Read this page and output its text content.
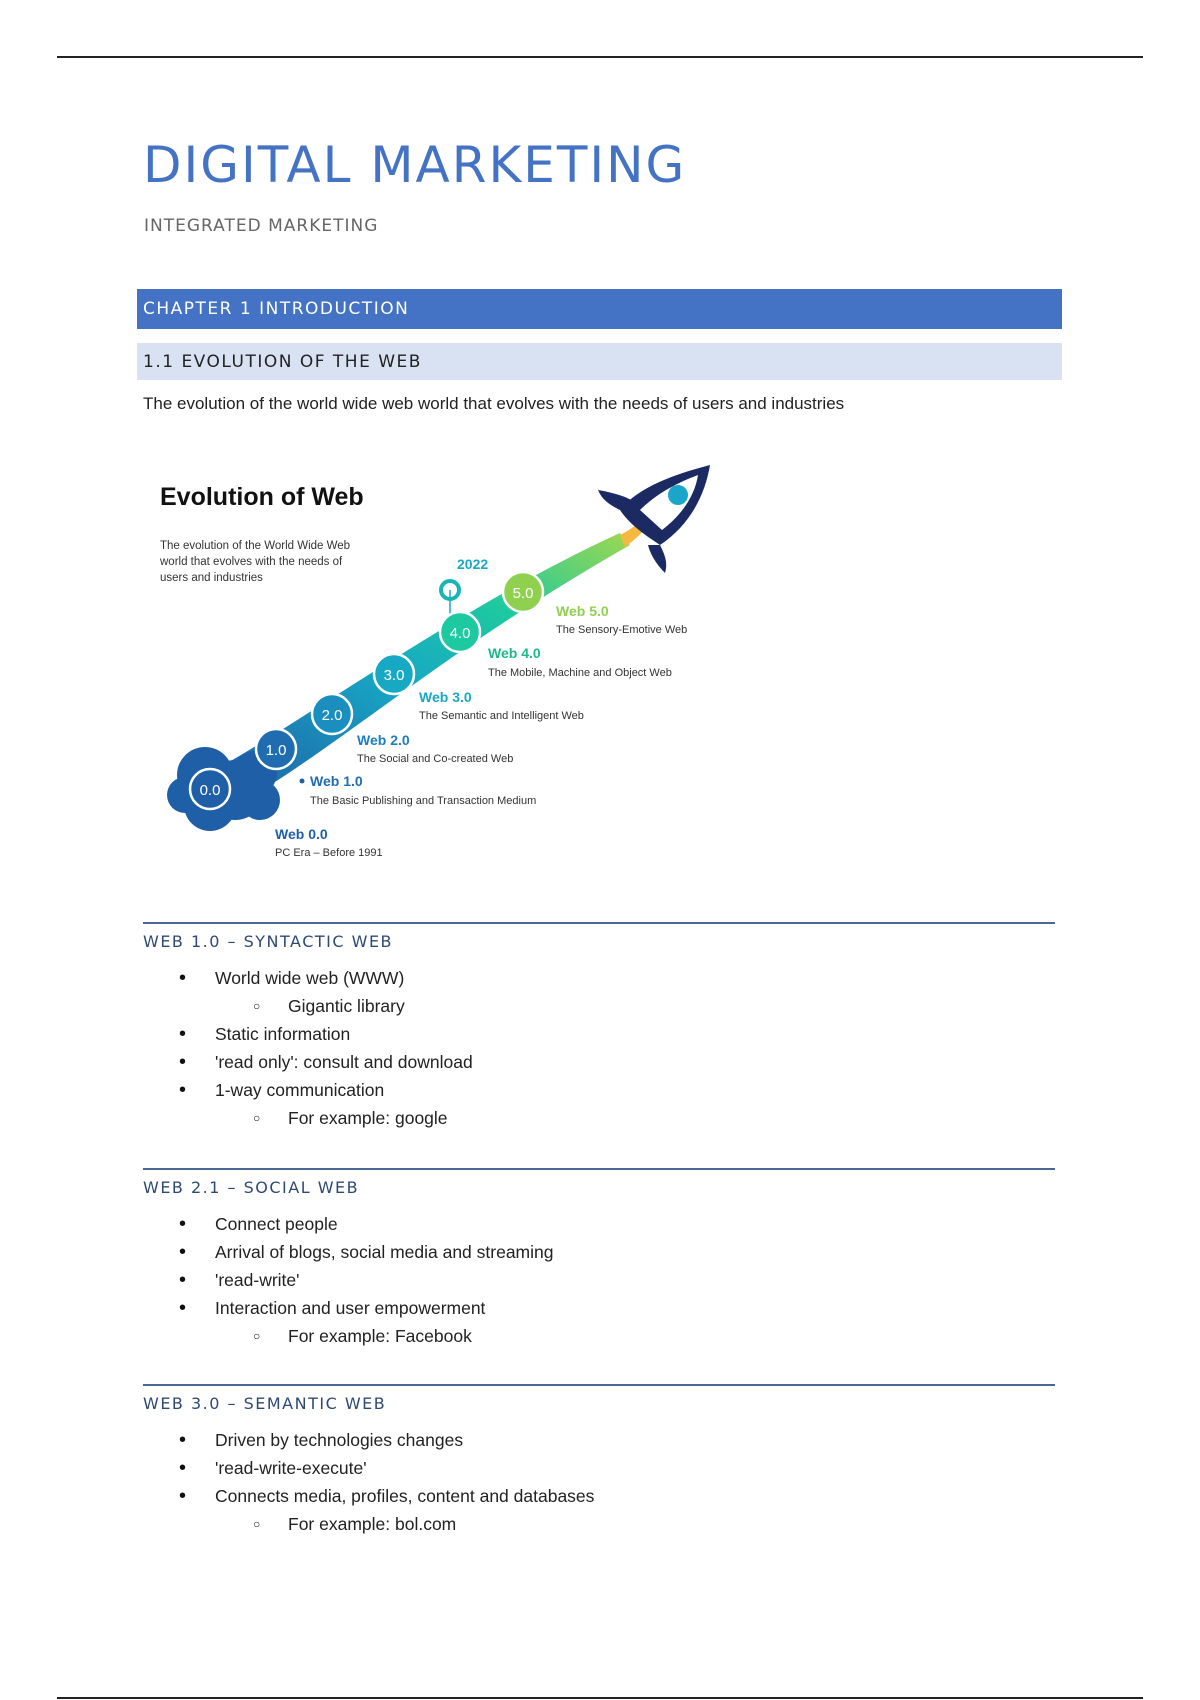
DIGITAL MARKETING
INTEGRATED MARKETING
CHAPTER 1 INTRODUCTION
1.1 EVOLUTION OF THE WEB
The evolution of the world wide web world that evolves with the needs of users and industries
Evolution of Web
The evolution of the World Wide Web
world that evolves with the needs of
users and industries
2022
0.0
1.0
2.0
3.0
4.0
5.0
Web 0.0
PC Era – Before 1991
Web 1.0
The Basic Publishing and Transaction Medium
Web 2.0
The Social and Co-created Web
Web 3.0
The Semantic and Intelligent Web
Web 4.0
The Mobile, Machine and Object Web
Web 5.0
The Sensory-Emotive Web
WEB 1.0 – SYNTACTIC WEB
• World wide web (WWW)
○ Gigantic library
• Static information
• 'read only': consult and download
• 1-way communication
○ For example: google
WEB 2.1 – SOCIAL WEB
• Connect people
• Arrival of blogs, social media and streaming
• 'read-write'
• Interaction and user empowerment
○ For example: Facebook
WEB 3.0 – SEMANTIC WEB
• Driven by technologies changes
• 'read-write-execute'
• Connects media, profiles, content and databases
○ For example: bol.com
